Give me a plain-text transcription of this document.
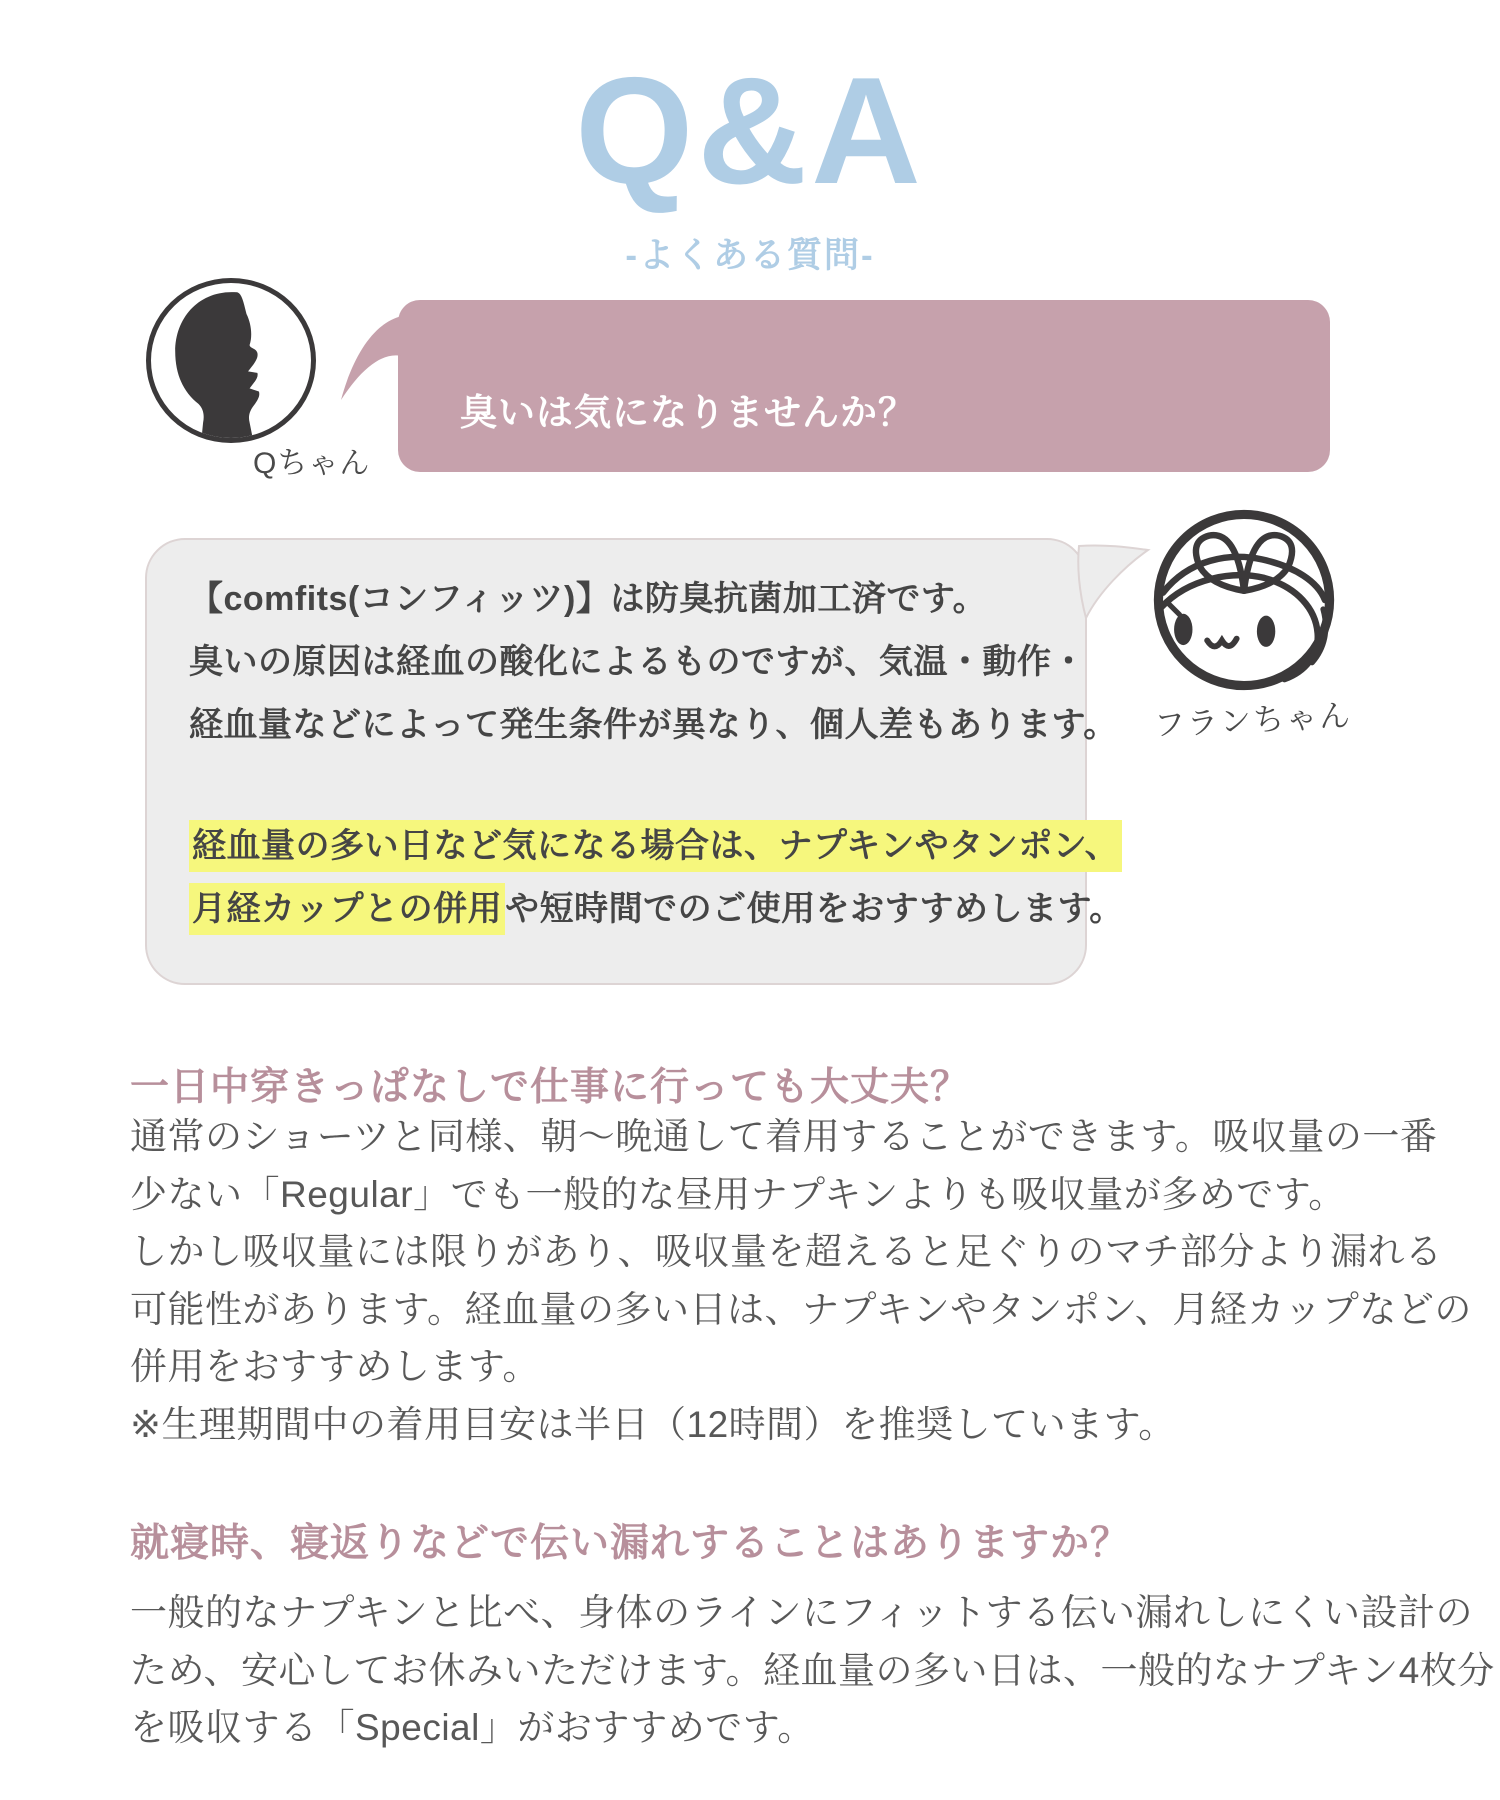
Q&A
-よくある質問-
Qちゃん
臭いは気になりませんか？
【comfits(コンフィッツ)】は防臭抗菌加工済です。
臭いの原因は経血の酸化によるものですが、気温・動作・
経血量などによって発生条件が異なり、個人差もあります。
経血量の多い日など気になる場合は、ナプキンやタンポン、
月経カップとの併用や短時間でのご使用をおすすめします。
フランちゃん
一日中穿きっぱなしで仕事に行っても大丈夫？
通常のショーツと同様、朝～晩通して着用することができます。吸収量の一番
少ない「Regular」でも一般的な昼用ナプキンよりも吸収量が多めです。
しかし吸収量には限りがあり、吸収量を超えると足ぐりのマチ部分より漏れる
可能性があります。経血量の多い日は、ナプキンやタンポン、月経カップなどの
併用をおすすめします。
※生理期間中の着用目安は半日（12時間）を推奨しています。
就寝時、寝返りなどで伝い漏れすることはありますか？
一般的なナプキンと比べ、身体のラインにフィットする伝い漏れしにくい設計の
ため、安心してお休みいただけます。経血量の多い日は、一般的なナプキン4枚分
を吸収する「Special」がおすすめです。
